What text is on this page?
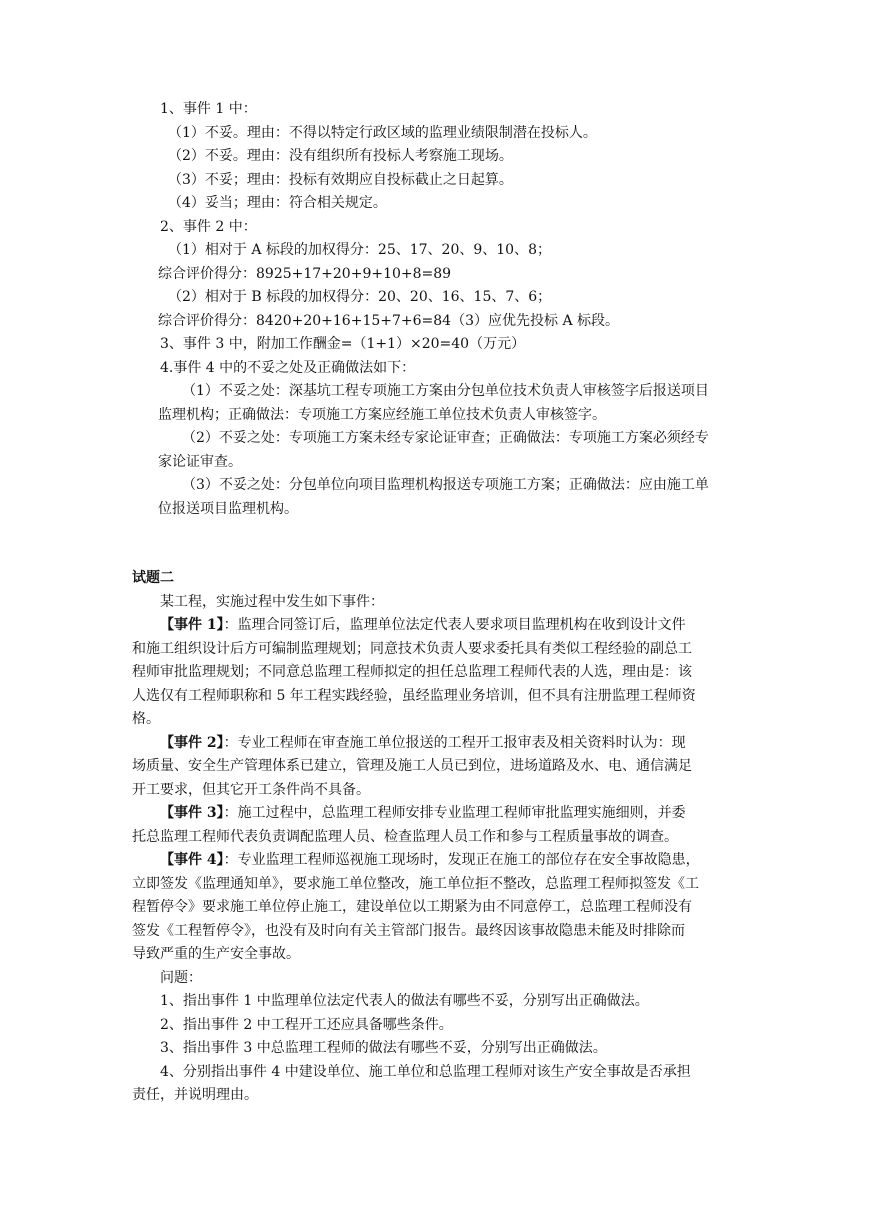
1、事件 1 中：

（1）不妥。理由：不得以特定行政区域的监理业绩限制潜在投标人。

（2）不妥。理由：没有组织所有投标人考察施工现场。

（3）不妥；理由：投标有效期应自投标截止之日起算。

（4）妥当；理由：符合相关规定。

2、事件 2 中：

（1）相对于 A 标段的加权得分：25、17、20、9、10、8；

综合评价得分：8925+17+20+9+10+8=89

（2）相对于 B 标段的加权得分：20、20、16、15、7、6；

综合评价得分：8420+20+16+15+7+6=84（3）应优先投标 A 标段。

3、事件 3 中，附加工作酬金=（1+1）×20=40（万元）

4.事件 4 中的不妥之处及正确做法如下：

（1）不妥之处：深基坑工程专项施工方案由分包单位技术负责人审核签字后报送项目

监理机构；正确做法：专项施工方案应经施工单位技术负责人审核签字。

（2）不妥之处：专项施工方案未经专家论证审查；正确做法：专项施工方案必须经专

家论证审查。

（3）不妥之处：分包单位向项目监理机构报送专项施工方案；正确做法：应由施工单

位报送项目监理机构。

试题二

某工程，实施过程中发生如下事件：

【事件 1】：监理合同签订后，监理单位法定代表人要求项目监理机构在收到设计文件

和施工组织设计后方可编制监理规划；同意技术负责人要求委托具有类似工程经验的副总工

程师审批监理规划；不同意总监理工程师拟定的担任总监理工程师代表的人选，理由是：该

人选仅有工程师职称和 5 年工程实践经验，虽经监理业务培训，但不具有注册监理工程师资

格。

【事件 2】：专业工程师在审查施工单位报送的工程开工报审表及相关资料时认为：现

场质量、安全生产管理体系已建立，管理及施工人员已到位，进场道路及水、电、通信满足

开工要求，但其它开工条件尚不具备。

【事件 3】：施工过程中，总监理工程师安排专业监理工程师审批监理实施细则，并委

托总监理工程师代表负责调配监理人员、检查监理人员工作和参与工程质量事故的调查。

【事件 4】：专业监理工程师巡视施工现场时，发现正在施工的部位存在安全事故隐患，

立即签发《监理通知单》，要求施工单位整改，施工单位拒不整改，总监理工程师拟签发《工

程暂停令》要求施工单位停止施工，建设单位以工期紧为由不同意停工，总监理工程师没有

签发《工程暂停令》，也没有及时向有关主管部门报告。最终因该事故隐患未能及时排除而

导致严重的生产安全事故。

问题：

1、指出事件 1 中监理单位法定代表人的做法有哪些不妥，分别写出正确做法。

2、指出事件 2 中工程开工还应具备哪些条件。

3、指出事件 3 中总监理工程师的做法有哪些不妥，分别写出正确做法。

4、分别指出事件 4 中建设单位、施工单位和总监理工程师对该生产安全事故是否承担

责任，并说明理由。
